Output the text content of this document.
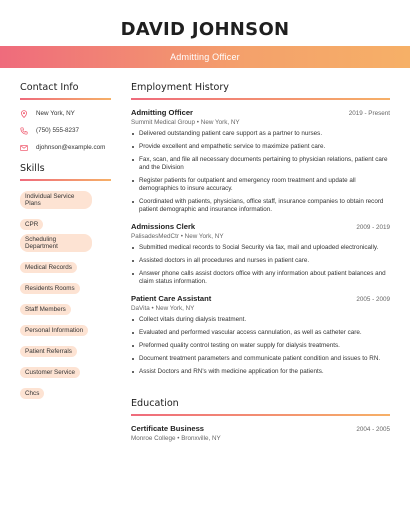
DAVID JOHNSON
Admitting Officer
Contact Info
New York, NY
(750) 555-8237
djohnson@example.com
Skills
Individual Service Plans
CPR
Scheduling Department
Medical Records
Residents Rooms
Staff Members
Personal Information
Patient Referrals
Customer Service
Chcs
Employment History
Admitting Officer	2019 - Present
Summit Medical Group • New York, NY
Delivered outstanding patient care support as a partner to nurses.
Provide excellent and empathetic service to maximize patient care.
Fax, scan, and file all necessary documents pertaining to physician relations, patient care and the Division
Register patients for outpatient and emergency room treatment and update all demographics to insure accuracy.
Coordinated with patients, physicians, office staff, insurance companies to obtain record patient demographic and insurance information.
Admissions Clerk	2009 - 2019
PalisadesMedCtr • New York, NY
Submitted medical records to Social Security via fax, mail and uploaded electronically.
Assisted doctors in all procedures and nurses in patient care.
Answer phone calls assist doctors office with any information about patient balances and claim status information.
Patient Care Assistant	2005 - 2009
DaVita • New York, NY
Collect vitals during dialysis treatment.
Evaluated and performed vascular access cannulation, as well as catheter care.
Preformed quality control testing on water supply for dialysis treatments.
Document treatment parameters and communicate patient condition and issues to RN.
Assist Doctors and RN's with medicine application for the patients.
Education
Certificate Business	2004 - 2005
Monroe College • Bronxville, NY
